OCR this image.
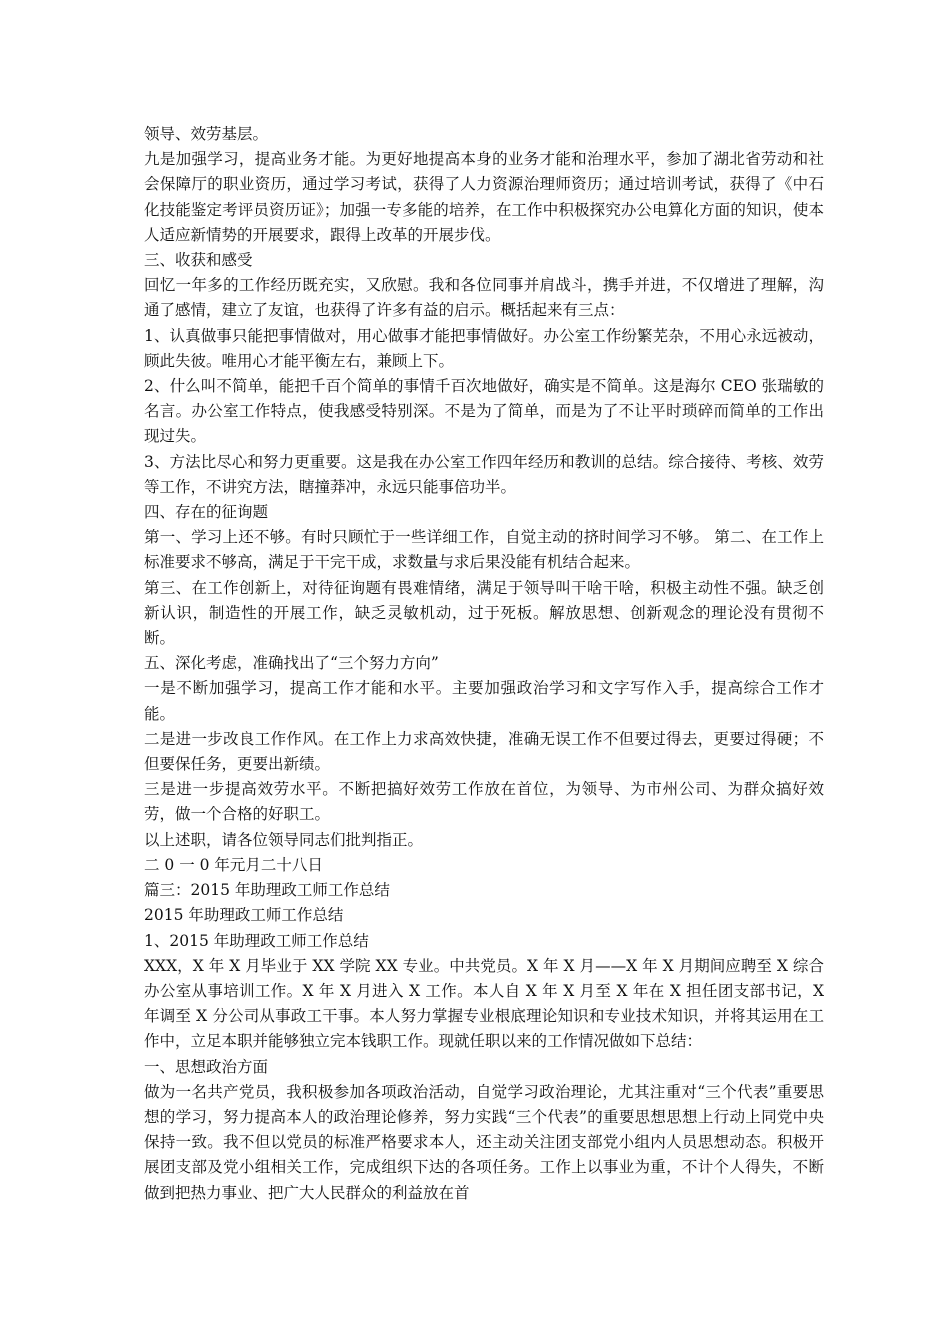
领导、效劳基层。

九是加强学习，提高业务才能。为更好地提高本身的业务才能和治理水平，参加了湖北省劳动和社会保障厅的职业资历，通过学习考试，获得了人力资源治理师资历；通过培训考试，获得了《中石化技能鉴定考评员资历证》；加强一专多能的培养，在工作中积极探究办公电算化方面的知识，使本人适应新情势的开展要求，跟得上改革的开展步伐。

三、收获和感受

回忆一年多的工作经历既充实，又欣慰。我和各位同事并肩战斗，携手并进，不仅增进了理解，沟通了感情，建立了友谊，也获得了许多有益的启示。概括起来有三点：

1、认真做事只能把事情做对，用心做事才能把事情做好。办公室工作纷繁芜杂，不用心永远被动，顾此失彼。唯用心才能平衡左右，兼顾上下。

2、什么叫不简单，能把千百个简单的事情千百次地做好，确实是不简单。这是海尔 CEO 张瑞敏的名言。办公室工作特点，使我感受特别深。不是为了简单，而是为了不让平时琐碎而简单的工作出现过失。

3、方法比尽心和努力更重要。这是我在办公室工作四年经历和教训的总结。综合接待、考核、效劳等工作，不讲究方法，瞎撞莽冲，永远只能事倍功半。

四、存在的征询题

第一、学习上还不够。有时只顾忙于一些详细工作，自觉主动的挤时间学习不够。 第二、在工作上标准要求不够高，满足于干完干成，求数量与求后果没能有机结合起来。

第三、在工作创新上，对待征询题有畏难情绪，满足于领导叫干啥干啥，积极主动性不强。缺乏创新认识，制造性的开展工作，缺乏灵敏机动，过于死板。解放思想、创新观念的理论没有贯彻不断。

五、深化考虑，准确找出了“三个努力方向”

一是不断加强学习，提高工作才能和水平。主要加强政治学习和文字写作入手，提高综合工作才能。

二是进一步改良工作作风。在工作上力求高效快捷，准确无误工作不但要过得去，更要过得硬；不但要保任务，更要出新绩。

三是进一步提高效劳水平。不断把搞好效劳工作放在首位，为领导、为市州公司、为群众搞好效劳，做一个合格的好职工。

以上述职，请各位领导同志们批判指正。

二 0 一 0 年元月二十八日

篇三：2015 年助理政工师工作总结

2015 年助理政工师工作总结

1、2015 年助理政工师工作总结

XXX，X 年 X 月毕业于 XX 学院 XX 专业。中共党员。X 年 X 月——X 年 X 月期间应聘至 X 综合办公室从事培训工作。X 年 X 月进入 X 工作。本人自 X 年 X 月至 X 年在 X 担任团支部书记，X 年调至 X 分公司从事政工干事。本人努力掌握专业根底理论知识和专业技术知识，并将其运用在工作中，立足本职并能够独立完本钱职工作。现就任职以来的工作情况做如下总结：

一、思想政治方面

做为一名共产党员，我积极参加各项政治活动，自觉学习政治理论，尤其注重对“三个代表”重要思想的学习，努力提高本人的政治理论修养，努力实践“三个代表”的重要思想思想上行动上同党中央保持一致。我不但以党员的标准严格要求本人，还主动关注团支部党小组内人员思想动态。积极开展团支部及党小组相关工作，完成组织下达的各项任务。工作上以事业为重，不计个人得失，不断做到把热力事业、把广大人民群众的利益放在首
